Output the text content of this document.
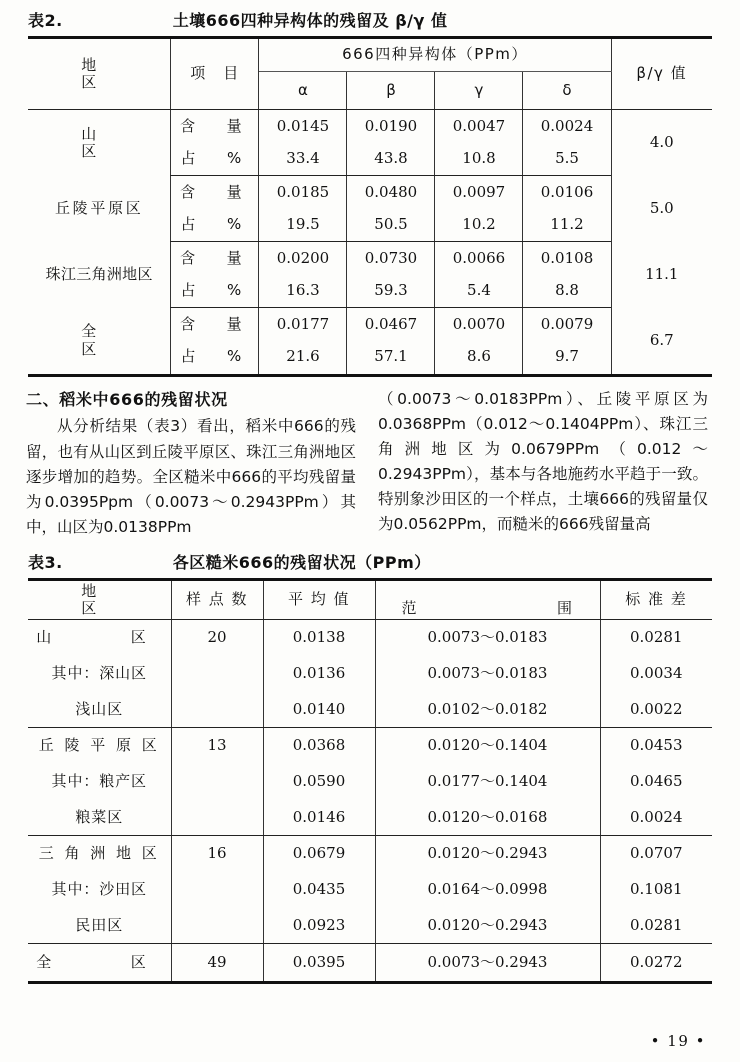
表2.	土壤666四种异构体的残留及 β/γ 值
地　　区	项　目	666四种异构体（PPm）				β/γ 值
		α	β	γ	δ	
山　　区	含　量	0.0145	0.0190	0.0047	0.0024	4.0
	占　%	33.4	43.8	10.8	5.5	
丘陵平原区	含　量	0.0185	0.0480	0.0097	0.0106	5.0
	占　%	19.5	50.5	10.2	11.2	
珠江三角洲地区	含　量	0.0200	0.0730	0.0066	0.0108	11.1
	占　%	16.3	59.3	5.4	8.8	
全　　区	含　量	0.0177	0.0467	0.0070	0.0079	6.7
	占　%	21.6	57.1	8.6	9.7	
二、稻米中666的残留状况
从分析结果（表3）看出，稻米中666的残留，也有从山区到丘陵平原区、珠江三角洲地区逐步增加的趋势。全区糙米中666的平均残留量为0.0395Ppm（0.0073～0.2943PPm）其中，山区为0.0138PPm
（0.0073～0.0183PPm）、丘陵平原区为0.0368PPm（0.012～0.1404PPm）、珠江三角洲地区为0.0679PPm（0.012～0.2943PPm），基本与各地施药水平趋于一致。特别象沙田区的一个样点，土壤666的残留量仅为0.0562PPm，而糙米的666残留量高
表3.	各区糙米666的残留状况（PPm）
地　　区	样 点 数	平 均 值	范 围	标 准 差
山　　区	20	0.0138	0.0073～0.0183	0.0281
其中：深山区		0.0136	0.0073～0.0183	0.0034
浅山区		0.0140	0.0102～0.0182	0.0022
丘 陵 平 原 区	13	0.0368	0.0120～0.1404	0.0453
其中：粮产区		0.0590	0.0177～0.1404	0.0465
粮菜区		0.0146	0.0120～0.0168	0.0024
三 角 洲 地 区	16	0.0679	0.0120～0.2943	0.0707
其中：沙田区		0.0435	0.0164～0.0998	0.1081
民田区		0.0923	0.0120～0.2943	0.0281
全　　区	49	0.0395	0.0073～0.2943	0.0272
• 19 •
